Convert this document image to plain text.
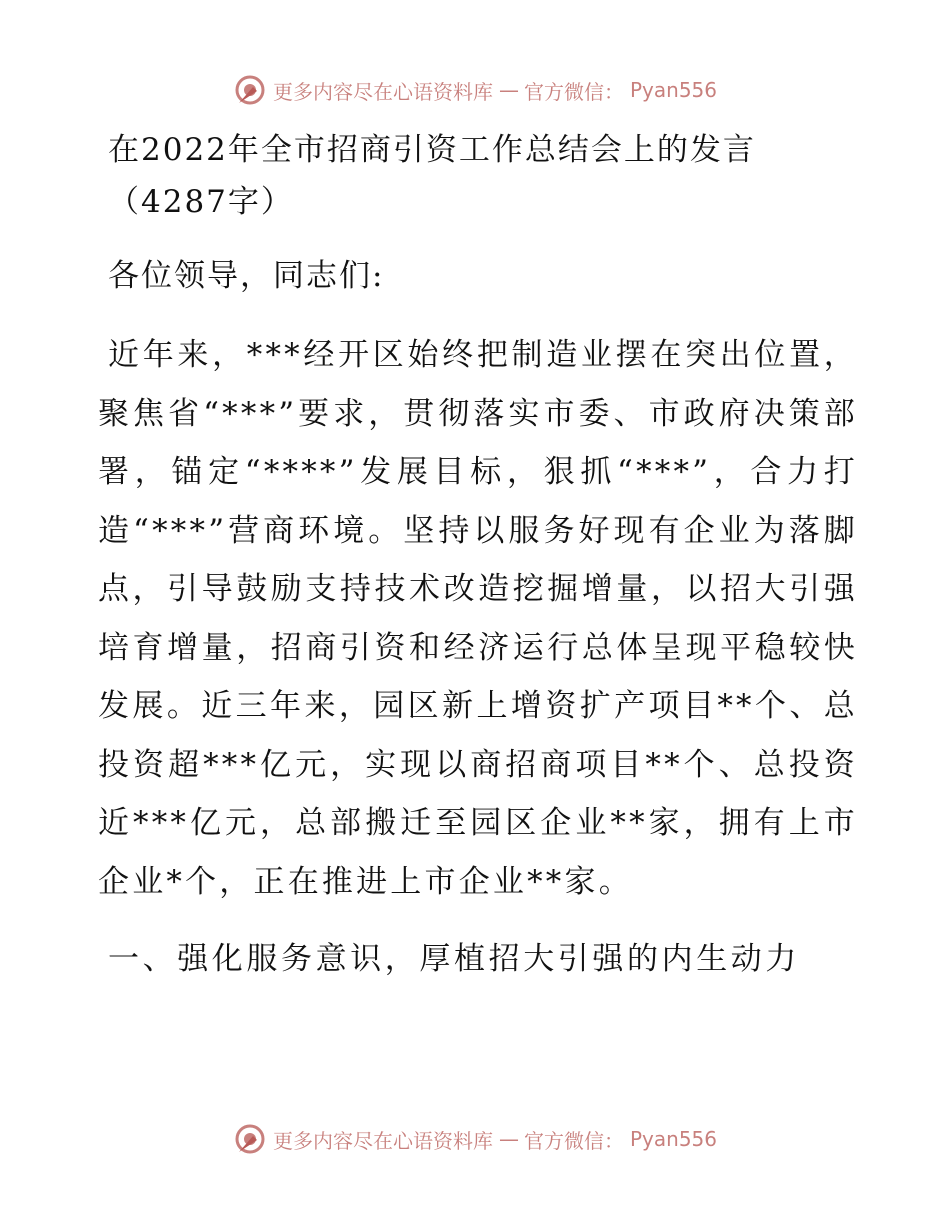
更多内容尽在心语资料库 — 官方微信： Pyan556
在2022年全市招商引资工作总结会上的发言
（4287字）
各位领导，同志们:

近年来，***经开区始终把制造业摆在突出位置，聚焦省“***”要求，贯彻落实市委、市政府决策部署，锚定“****”发展目标，狠抓“***”，合力打造“***”营商环境。坚持以服务好现有企业为落脚点，引导鼓励支持技术改造挖掘增量，以招大引强培育增量，招商引资和经济运行总体呈现平稳较快发展。近三年来，园区新上增资扩产项目**个、总投资超***亿元，实现以商招商项目**个、总投资近***亿元，总部搬迁至园区企业**家，拥有上市企业*个，正在推进上市企业**家。

一、强化服务意识，厚植招大引强的内生动力
更多内容尽在心语资料库 — 官方微信： Pyan556
